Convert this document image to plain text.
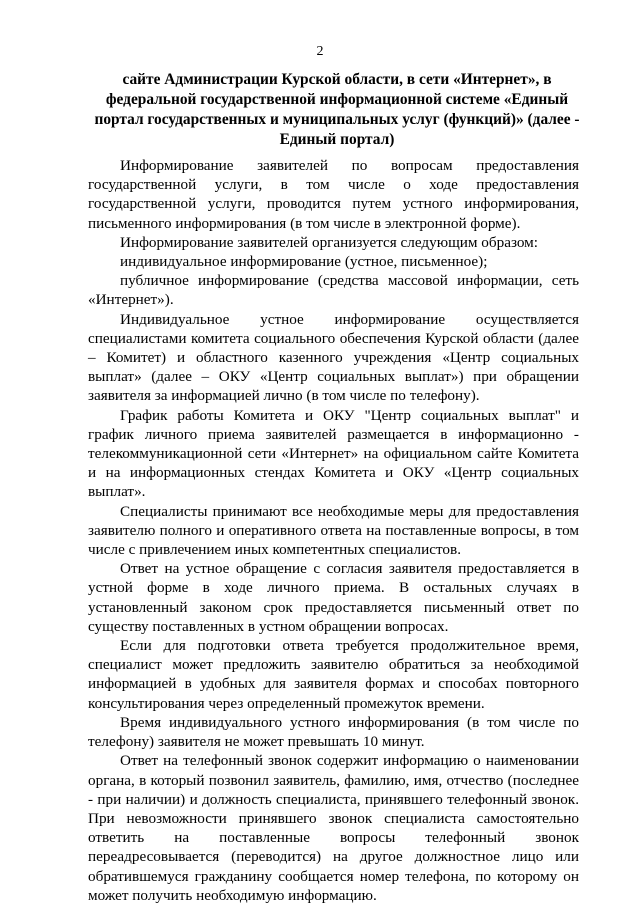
2
сайте Администрации Курской области, в сети «Интернет», в федеральной государственной информационной системе «Единый портал государственных и муниципальных услуг (функций)» (далее - Единый портал)

Информирование заявителей по вопросам предоставления государственной услуги, в том числе о ходе предоставления государственной услуги, проводится путем устного информирования, письменного информирования (в том числе в электронной форме).

Информирование заявителей организуется следующим образом:

индивидуальное информирование (устное, письменное);

публичное информирование (средства массовой информации, сеть «Интернет»).

Индивидуальное устное информирование осуществляется специалистами комитета социального обеспечения Курской области (далее – Комитет) и областного казенного учреждения «Центр социальных выплат» (далее – ОКУ «Центр социальных выплат») при обращении заявителя за информацией лично (в том числе по телефону).

График работы Комитета и ОКУ "Центр социальных выплат" и график личного приема заявителей размещается в информационно - телекоммуникационной сети «Интернет» на официальном сайте Комитета и на информационных стендах Комитета и ОКУ «Центр социальных выплат».

Специалисты принимают все необходимые меры для предоставления заявителю полного и оперативного ответа на поставленные вопросы, в том числе с привлечением иных компетентных специалистов.

Ответ на устное обращение с согласия заявителя предоставляется в устной форме в ходе личного приема. В остальных случаях в установленный законом срок предоставляется письменный ответ по существу поставленных в устном обращении вопросах.

Если для подготовки ответа требуется продолжительное время, специалист может предложить заявителю обратиться за необходимой информацией в удобных для заявителя формах и способах повторного консультирования через определенный промежуток времени.

Время индивидуального устного информирования (в том числе по телефону) заявителя не может превышать 10 минут.

Ответ на телефонный звонок содержит информацию о наименовании органа, в который позвонил заявитель, фамилию, имя, отчество (последнее - при наличии) и должность специалиста, принявшего телефонный звонок. При невозможности принявшего звонок специалиста самостоятельно ответить на поставленные вопросы телефонный звонок переадресовывается (переводится) на другое должностное лицо или обратившемуся гражданину сообщается номер телефона, по которому он может получить необходимую информацию.
